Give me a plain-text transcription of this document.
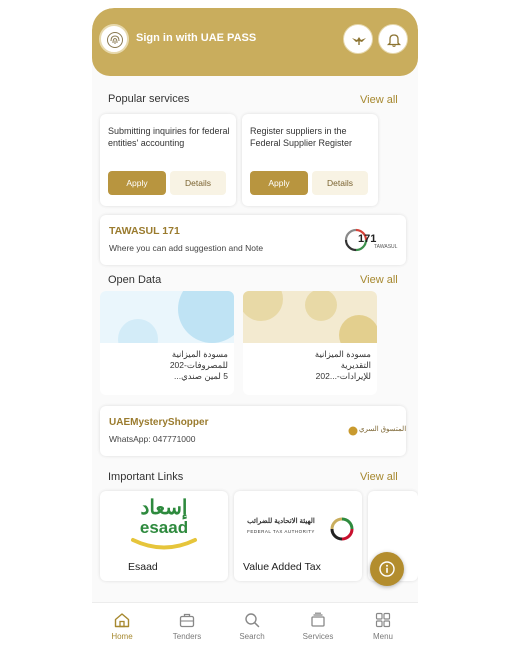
Sign in with UAE PASS
Popular services	View all
Submitting inquiries for federal entities' accounting
Apply	Details
Register suppliers in the Federal Supplier Register
Apply	Details
TAWASUL 171
Where you can add suggestion and Note
171
TAWASUL
Open Data	View all
مسودة الميزانية
للمصروفات-202
5 لمين صندي...
مسودة الميزانية
التقديرية
للإيرادات-...202
UAEMysteryShopper
WhatsApp: 047771000
المتسوق السري
Important Links	View all
إسعاد
esaad
Esaad
الهيئة الاتحادية للضرائب
FEDERAL TAX AUTHORITY
Value Added Tax
Home	Tenders	Search	Services	Menu
